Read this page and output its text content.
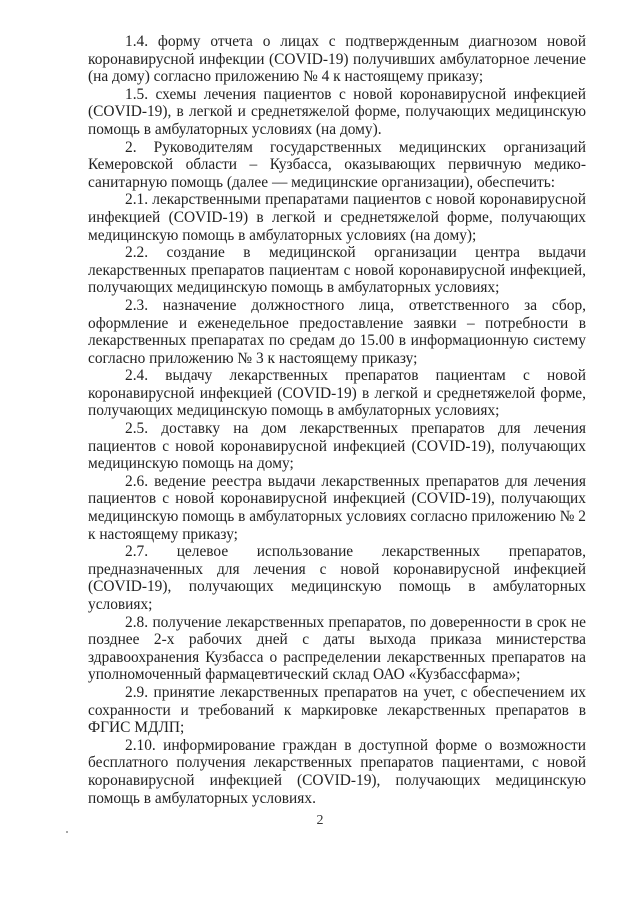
1.4. форму отчета о лицах с подтвержденным диагнозом новой коронавирусной инфекции (COVID-19) получивших амбулаторное лечение (на дому) согласно приложению № 4 к настоящему приказу;

1.5. схемы лечения пациентов с новой коронавирусной инфекцией (COVID-19), в легкой и среднетяжелой форме, получающих медицинскую помощь в амбулаторных условиях (на дому).

2. Руководителям государственных медицинских организаций Кемеровской области – Кузбасса, оказывающих первичную медико-санитарную помощь (далее — медицинские организации), обеспечить:

2.1. лекарственными препаратами пациентов с новой коронавирусной инфекцией (COVID-19) в легкой и среднетяжелой форме, получающих медицинскую помощь в амбулаторных условиях (на дому);

2.2. создание в медицинской организации центра выдачи лекарственных препаратов пациентам с новой коронавирусной инфекцией, получающих медицинскую помощь в амбулаторных условиях;

2.3. назначение должностного лица, ответственного за сбор, оформление и еженедельное предоставление заявки – потребности в лекарственных препаратах по средам до 15.00 в информационную систему согласно приложению № 3 к настоящему приказу;

2.4. выдачу лекарственных препаратов пациентам с новой коронавирусной инфекцией (COVID-19) в легкой и среднетяжелой форме, получающих медицинскую помощь в амбулаторных условиях;

2.5. доставку на дом лекарственных препаратов для лечения пациентов с новой коронавирусной инфекцией (COVID-19), получающих медицинскую помощь на дому;

2.6. ведение реестра выдачи лекарственных препаратов для лечения пациентов с новой коронавирусной инфекцией (COVID-19), получающих медицинскую помощь в амбулаторных условиях согласно приложению № 2 к настоящему приказу;

2.7. целевое использование лекарственных препаратов, предназначенных для лечения с новой коронавирусной инфекцией (COVID-19), получающих медицинскую помощь в амбулаторных условиях;

2.8. получение лекарственных препаратов, по доверенности в срок не позднее 2-х рабочих дней с даты выхода приказа министерства здравоохранения Кузбасса о распределении лекарственных препаратов на уполномоченный фармацевтический склад ОАО «Кузбассфарма»;

2.9. принятие лекарственных препаратов на учет, с обеспечением их сохранности и требований к маркировке лекарственных препаратов в ФГИС МДЛП;

2.10. информирование граждан в доступной форме о возможности бесплатного получения лекарственных препаратов пациентами, с новой коронавирусной инфекцией (COVID-19), получающих медицинскую помощь в амбулаторных условиях.

2
